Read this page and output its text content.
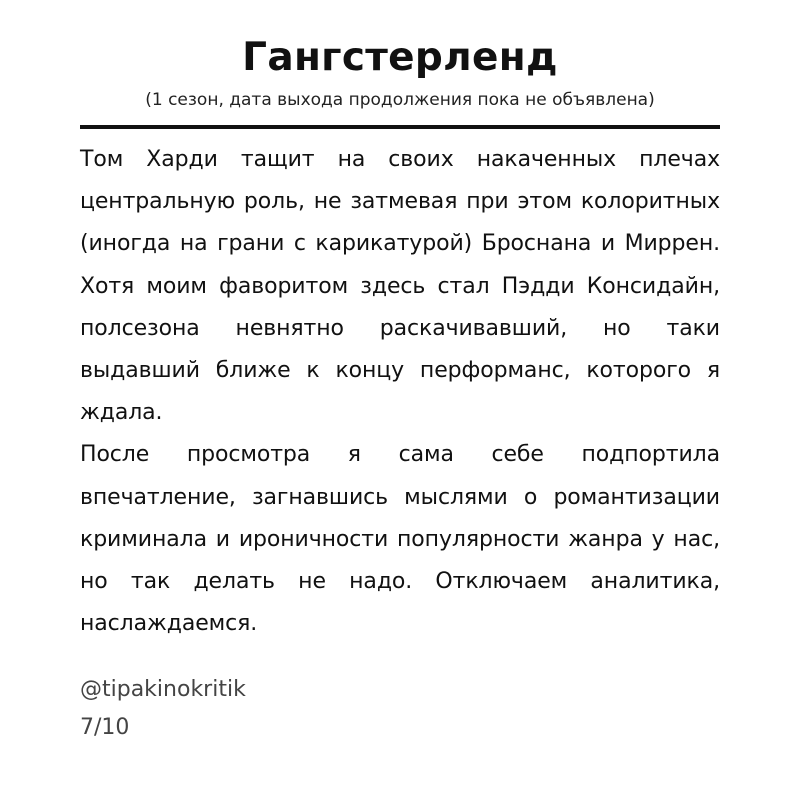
Гангстерленд
(1 сезон, дата выхода продолжения пока не объявлена)

Том Харди тащит на своих накаченных плечах центральную роль, не затмевая при этом колоритных (иногда на грани с карикатурой) Броснана и Миррен. Хотя моим фаворитом здесь стал Пэдди Консидайн, полсезона невнятно раскачивавший, но таки выдавший ближе к концу перформанс, которого я ждала.

После просмотра я сама себе подпортила впечатление, загнавшись мыслями о романтизации криминала и ироничности популярности жанра у нас, но так делать не надо. Отключаем аналитика, наслаждаемся.

@tipakinokritik
7/10
